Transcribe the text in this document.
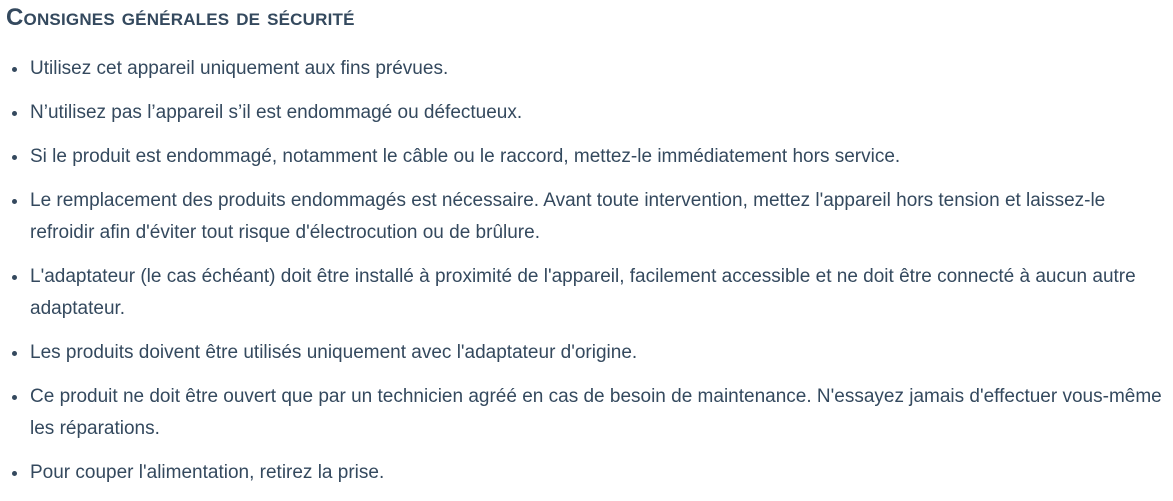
Consignes générales de sécurité
Utilisez cet appareil uniquement aux fins prévues.
N’utilisez pas l’appareil s’il est endommagé ou défectueux.
Si le produit est endommagé, notamment le câble ou le raccord, mettez-le immédiatement hors service.
Le remplacement des produits endommagés est nécessaire. Avant toute intervention, mettez l'appareil hors tension et laissez-le refroidir afin d'éviter tout risque d'électrocution ou de brûlure.
L'adaptateur (le cas échéant) doit être installé à proximité de l'appareil, facilement accessible et ne doit être connecté à aucun autre adaptateur.
Les produits doivent être utilisés uniquement avec l'adaptateur d'origine.
Ce produit ne doit être ouvert que par un technicien agréé en cas de besoin de maintenance. N'essayez jamais d'effectuer vous-même les réparations.
Pour couper l'alimentation, retirez la prise.
